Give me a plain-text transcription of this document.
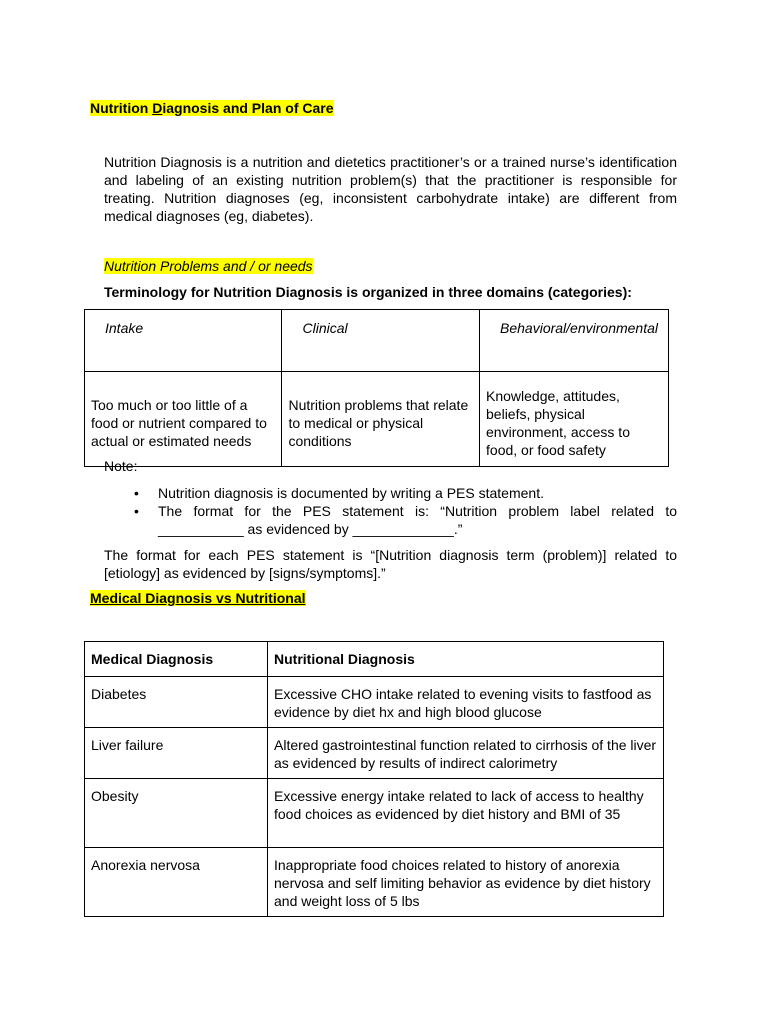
Nutrition Diagnosis and Plan of Care
Nutrition Diagnosis is a nutrition and dietetics practitioner’s or a trained nurse’s identification and labeling of an existing nutrition problem(s) that the practitioner is responsible for treating. Nutrition diagnoses (eg, inconsistent carbohydrate intake) are different from medical diagnoses (eg, diabetes).
Nutrition Problems and / or needs
Terminology for Nutrition Diagnosis is organized in three domains (categories):
Intake	Clinical	Behavioral/environmental
Too much or too little of a food or nutrient compared to actual or estimated needs	Nutrition problems that relate to medical or physical conditions	Knowledge, attitudes, beliefs, physical environment, access to food, or food safety
Note:
• Nutrition diagnosis is documented by writing a PES statement.
• The format for the PES statement is: “Nutrition problem label related to ___________ as evidenced by _____________.”
The format for each PES statement is “[Nutrition diagnosis term (problem)] related to [etiology] as evidenced by [signs/symptoms].”
Medical Diagnosis vs Nutritional
Medical Diagnosis	Nutritional Diagnosis
Diabetes	Excessive CHO intake related to evening visits to fastfood as evidence by diet hx and high blood glucose
Liver failure	Altered gastrointestinal function related to cirrhosis of the liver as evidenced by results of indirect calorimetry
Obesity	Excessive energy intake related to lack of access to healthy food choices as evidenced by diet history and BMI of 35
Anorexia nervosa	Inappropriate food choices related to history of anorexia nervosa and self limiting behavior as evidence by diet history and weight loss of 5 lbs
